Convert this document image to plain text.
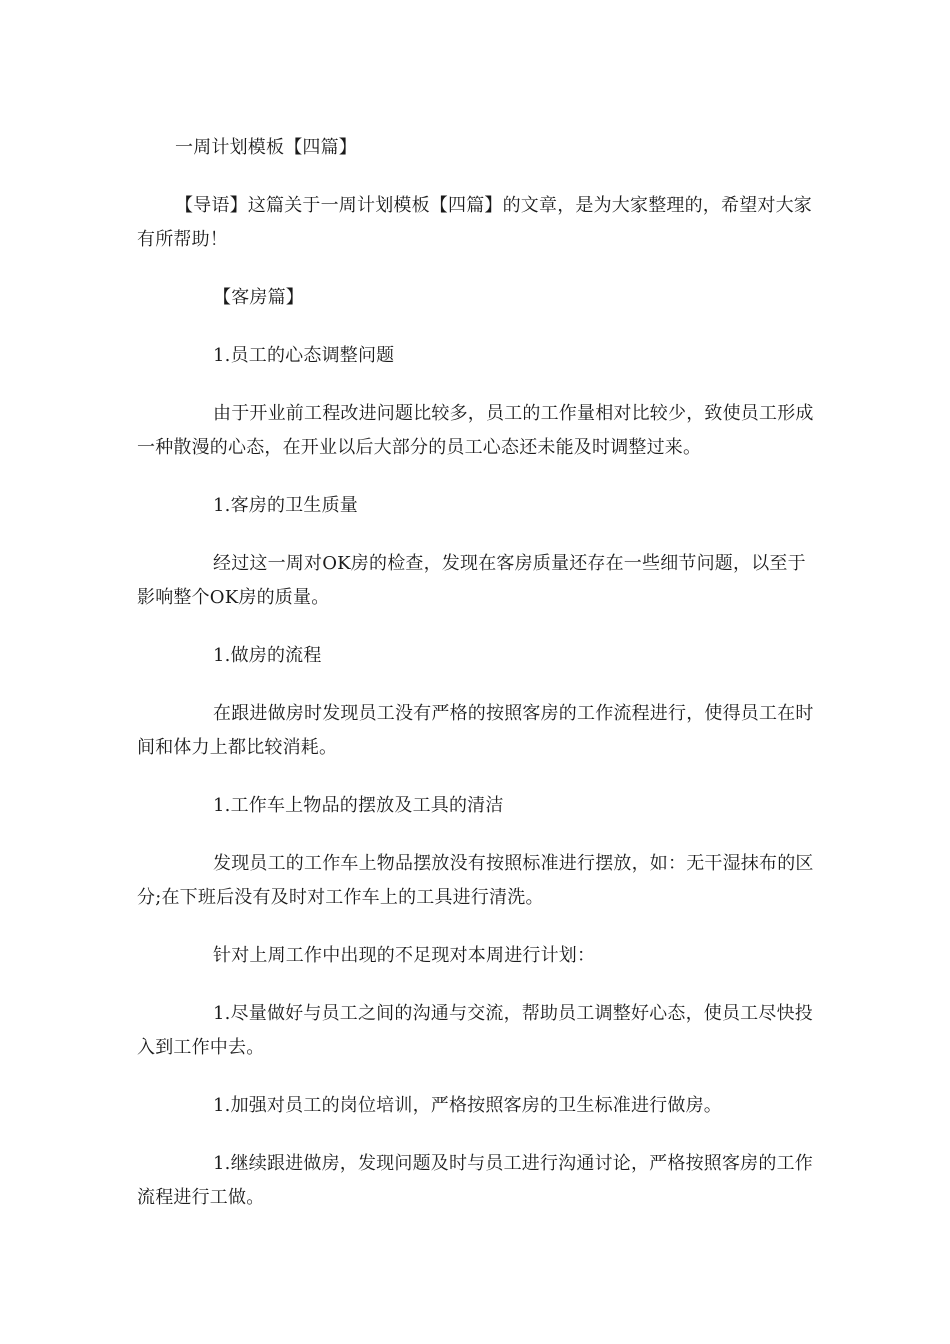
一周计划模板【四篇】

【导语】这篇关于一周计划模板【四篇】的文章，是为大家整理的，希望对大家有所帮助！

【客房篇】

1.员工的心态调整问题

由于开业前工程改进问题比较多，员工的工作量相对比较少，致使员工形成一种散漫的心态，在开业以后大部分的员工心态还未能及时调整过来。

1.客房的卫生质量

经过这一周对OK房的检查，发现在客房质量还存在一些细节问题，以至于影响整个OK房的质量。

1.做房的流程

在跟进做房时发现员工没有严格的按照客房的工作流程进行，使得员工在时间和体力上都比较消耗。

1.工作车上物品的摆放及工具的清洁

发现员工的工作车上物品摆放没有按照标准进行摆放，如：无干湿抹布的区分;在下班后没有及时对工作车上的工具进行清洗。

针对上周工作中出现的不足现对本周进行计划：

1.尽量做好与员工之间的沟通与交流，帮助员工调整好心态，使员工尽快投入到工作中去。

1.加强对员工的岗位培训，严格按照客房的卫生标准进行做房。

1.继续跟进做房，发现问题及时与员工进行沟通讨论，严格按照客房的工作流程进行工做。
